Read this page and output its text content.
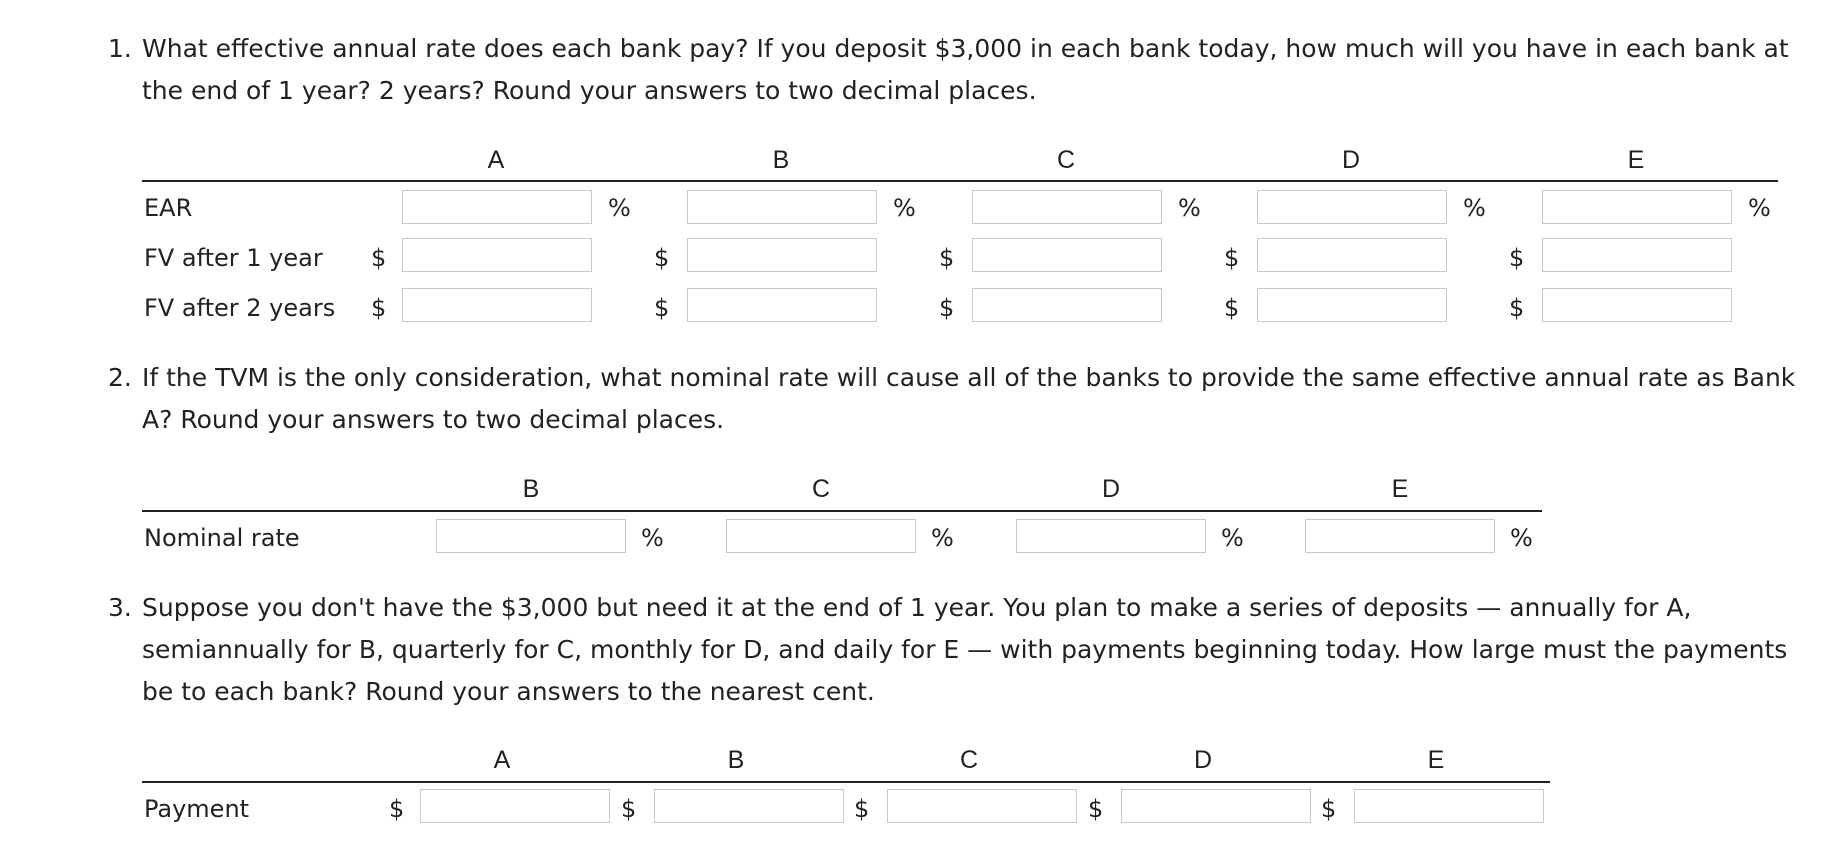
1. What effective annual rate does each bank pay? If you deposit $3,000 in each bank today, how much will you have in each bank at the end of 1 year? 2 years? Round your answers to two decimal places.
A	B	C	D	E
EAR	%	%	%	%	%
FV after 1 year $	$	$	$	$
FV after 2 years $	$	$	$	$
2. If the TVM is the only consideration, what nominal rate will cause all of the banks to provide the same effective annual rate as Bank A? Round your answers to two decimal places.
B	C	D	E
Nominal rate	%	%	%	%
3. Suppose you don't have the $3,000 but need it at the end of 1 year. You plan to make a series of deposits — annually for A, semiannually for B, quarterly for C, monthly for D, and daily for E — with payments beginning today. How large must the payments be to each bank? Round your answers to the nearest cent.
A	B	C	D	E
Payment	$	$	$	$	$
